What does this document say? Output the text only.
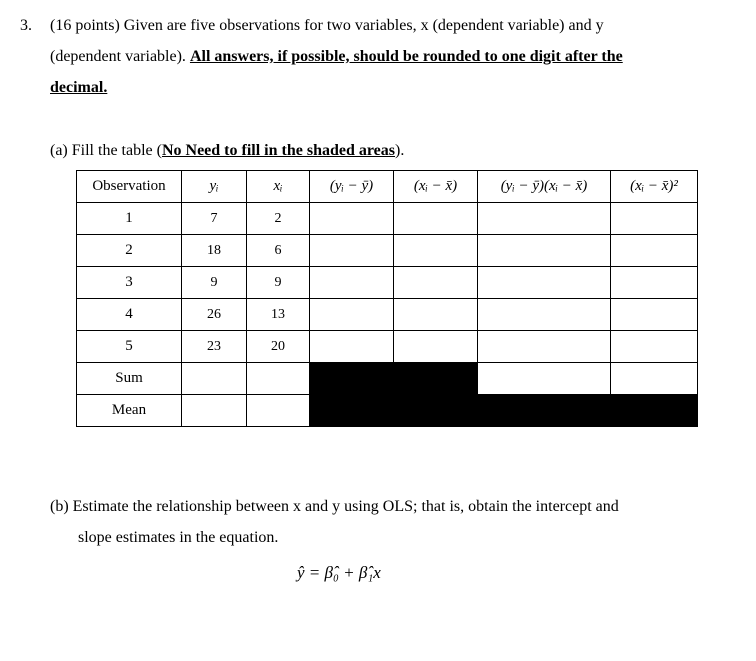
3. (16 points) Given are five observations for two variables, x (dependent variable) and y
(dependent variable). All answers, if possible, should be rounded to one digit after the
decimal.
(a) Fill the table (No Need to fill in the shaded areas).
Observation	yᵢ	xᵢ	(yᵢ − ȳ)	(xᵢ − x̄)	(yᵢ − ȳ)(xᵢ − x̄)	(xᵢ − x̄)²
1	7	2				
2	18	6				
3	9	9				
4	26	13				
5	23	20				
Sum						
Mean						
(b) Estimate the relationship between x and y using OLS; that is, obtain the intercept and
slope estimates in the equation.
ŷ = β̂₀ + β̂₁x
